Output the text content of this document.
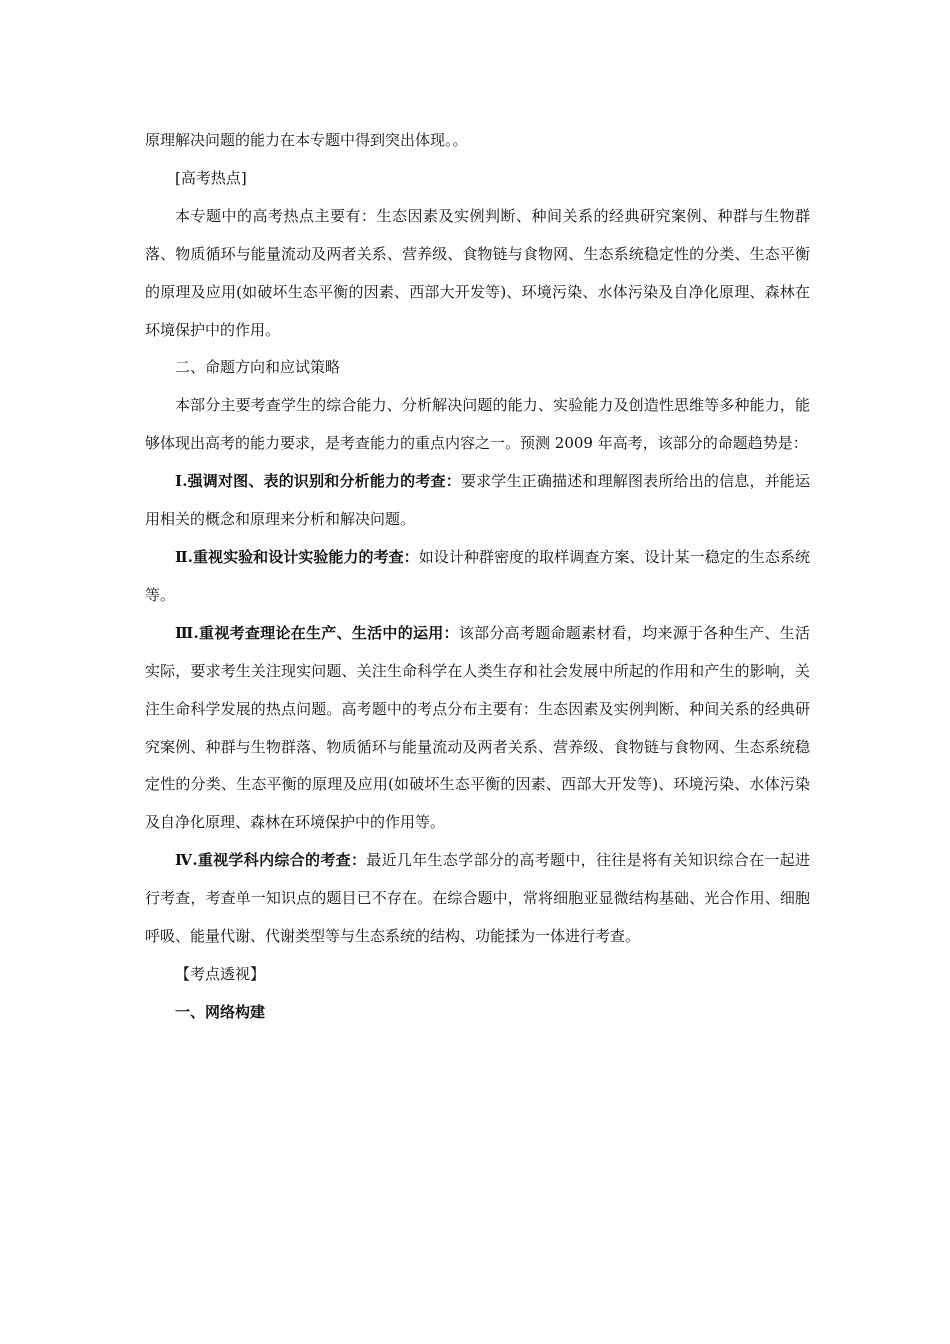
原理解决问题的能力在本专题中得到突出体现。。

[高考热点]

本专题中的高考热点主要有：生态因素及实例判断、种间关系的经典研究案例、种群与生物群落、物质循环与能量流动及两者关系、营养级、食物链与食物网、生态系统稳定性的分类、生态平衡的原理及应用(如破坏生态平衡的因素、西部大开发等)、环境污染、水体污染及自净化原理、森林在环境保护中的作用。

二、命题方向和应试策略

本部分主要考查学生的综合能力、分析解决问题的能力、实验能力及创造性思维等多种能力，能够体现出高考的能力要求，是考查能力的重点内容之一。预测 2009 年高考，该部分的命题趋势是：

Ⅰ.强调对图、表的识别和分析能力的考查：要求学生正确描述和理解图表所给出的信息，并能运用相关的概念和原理来分析和解决问题。

Ⅱ.重视实验和设计实验能力的考查：如设计种群密度的取样调查方案、设计某一稳定的生态系统等。

Ⅲ.重视考查理论在生产、生活中的运用：该部分高考题命题素材看，均来源于各种生产、生活实际，要求考生关注现实问题、关注生命科学在人类生存和社会发展中所起的作用和产生的影响，关注生命科学发展的热点问题。高考题中的考点分布主要有：生态因素及实例判断、种间关系的经典研究案例、种群与生物群落、物质循环与能量流动及两者关系、营养级、食物链与食物网、生态系统稳定性的分类、生态平衡的原理及应用(如破坏生态平衡的因素、西部大开发等)、环境污染、水体污染及自净化原理、森林在环境保护中的作用等。

Ⅳ.重视学科内综合的考查：最近几年生态学部分的高考题中，往往是将有关知识综合在一起进行考查，考查单一知识点的题目已不存在。在综合题中，常将细胞亚显微结构基础、光合作用、细胞呼吸、能量代谢、代谢类型等与生态系统的结构、功能揉为一体进行考查。

【考点透视】

一、网络构建
